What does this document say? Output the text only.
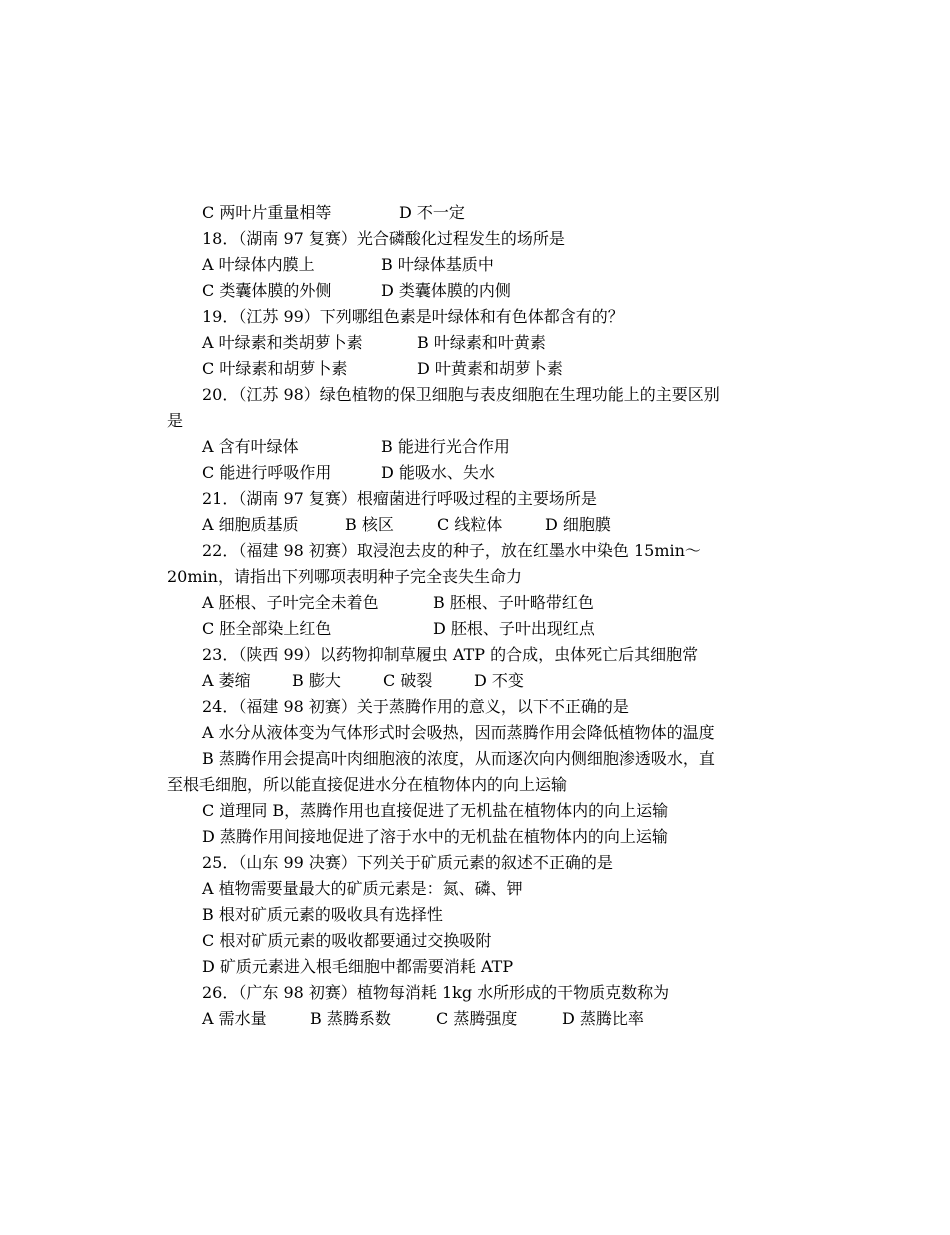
C 两叶片重量相等	D 不一定
18．（湖南 97 复赛）光合磷酸化过程发生的场所是
A 叶绿体内膜上	B 叶绿体基质中
C 类囊体膜的外侧	D 类囊体膜的内侧
19．（江苏 99）下列哪组色素是叶绿体和有色体都含有的？
A 叶绿素和类胡萝卜素	B 叶绿素和叶黄素
C 叶绿素和胡萝卜素	D 叶黄素和胡萝卜素
20．（江苏 98）绿色植物的保卫细胞与表皮细胞在生理功能上的主要区别
是
A 含有叶绿体	B 能进行光合作用
C 能进行呼吸作用	D 能吸水、失水
21．（湖南 97 复赛）根瘤菌进行呼吸过程的主要场所是
A 细胞质基质	B 核区	C 线粒体	D 细胞膜
22．（福建 98 初赛）取浸泡去皮的种子，放在红墨水中染色 15min～
20min，请指出下列哪项表明种子完全丧失生命力
A 胚根、子叶完全未着色	B 胚根、子叶略带红色
C 胚全部染上红色	D 胚根、子叶出现红点
23．（陕西 99）以药物抑制草履虫 ATP 的合成，虫体死亡后其细胞常
A 萎缩	B 膨大	C 破裂	D 不变
24．（福建 98 初赛）关于蒸腾作用的意义，以下不正确的是
A 水分从液体变为气体形式时会吸热，因而蒸腾作用会降低植物体的温度
B 蒸腾作用会提高叶肉细胞液的浓度，从而逐次向内侧细胞渗透吸水，直
至根毛细胞，所以能直接促进水分在植物体内的向上运输
C 道理同 B，蒸腾作用也直接促进了无机盐在植物体内的向上运输
D 蒸腾作用间接地促进了溶于水中的无机盐在植物体内的向上运输
25．（山东 99 决赛）下列关于矿质元素的叙述不正确的是
A 植物需要量最大的矿质元素是：氮、磷、钾
B 根对矿质元素的吸收具有选择性
C 根对矿质元素的吸收都要通过交换吸附
D 矿质元素进入根毛细胞中都需要消耗 ATP
26．（广东 98 初赛）植物每消耗 1kg 水所形成的干物质克数称为
A 需水量	B 蒸腾系数	C 蒸腾强度	D 蒸腾比率
